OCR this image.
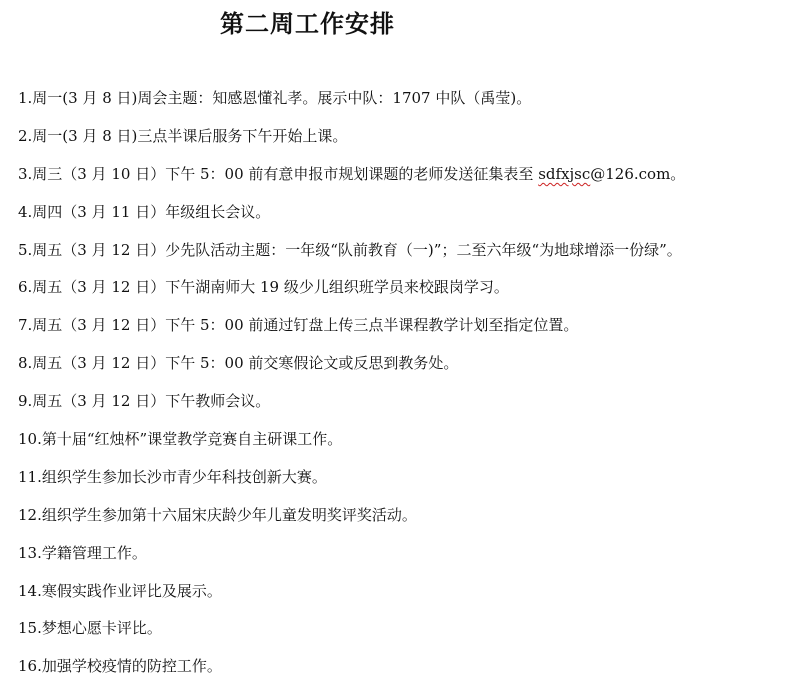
第二周工作安排
1.周一(3 月 8 日)周会主题：知感恩懂礼孝。展示中队：1707 中队（禹莹)。
2.周一(3 月 8 日)三点半课后服务下午开始上课。
3.周三（3 月 10 日）下午 5：00 前有意申报市规划课题的老师发送征集表至 sdfxjsc@126.com。
4.周四（3 月 11 日）年级组长会议。
5.周五（3 月 12 日）少先队活动主题：一年级“队前教育（一)”；二至六年级“为地球增添一份绿”。
6.周五（3 月 12 日）下午湖南师大 19 级少儿组织班学员来校跟岗学习。
7.周五（3 月 12 日）下午 5：00 前通过钉盘上传三点半课程教学计划至指定位置。
8.周五（3 月 12 日）下午 5：00 前交寒假论文或反思到教务处。
9.周五（3 月 12 日）下午教师会议。
10.第十届“红烛杯”课堂教学竞赛自主研课工作。
11.组织学生参加长沙市青少年科技创新大赛。
12.组织学生参加第十六届宋庆龄少年儿童发明奖评奖活动。
13.学籍管理工作。
14.寒假实践作业评比及展示。
15.梦想心愿卡评比。
16.加强学校疫情的防控工作。
